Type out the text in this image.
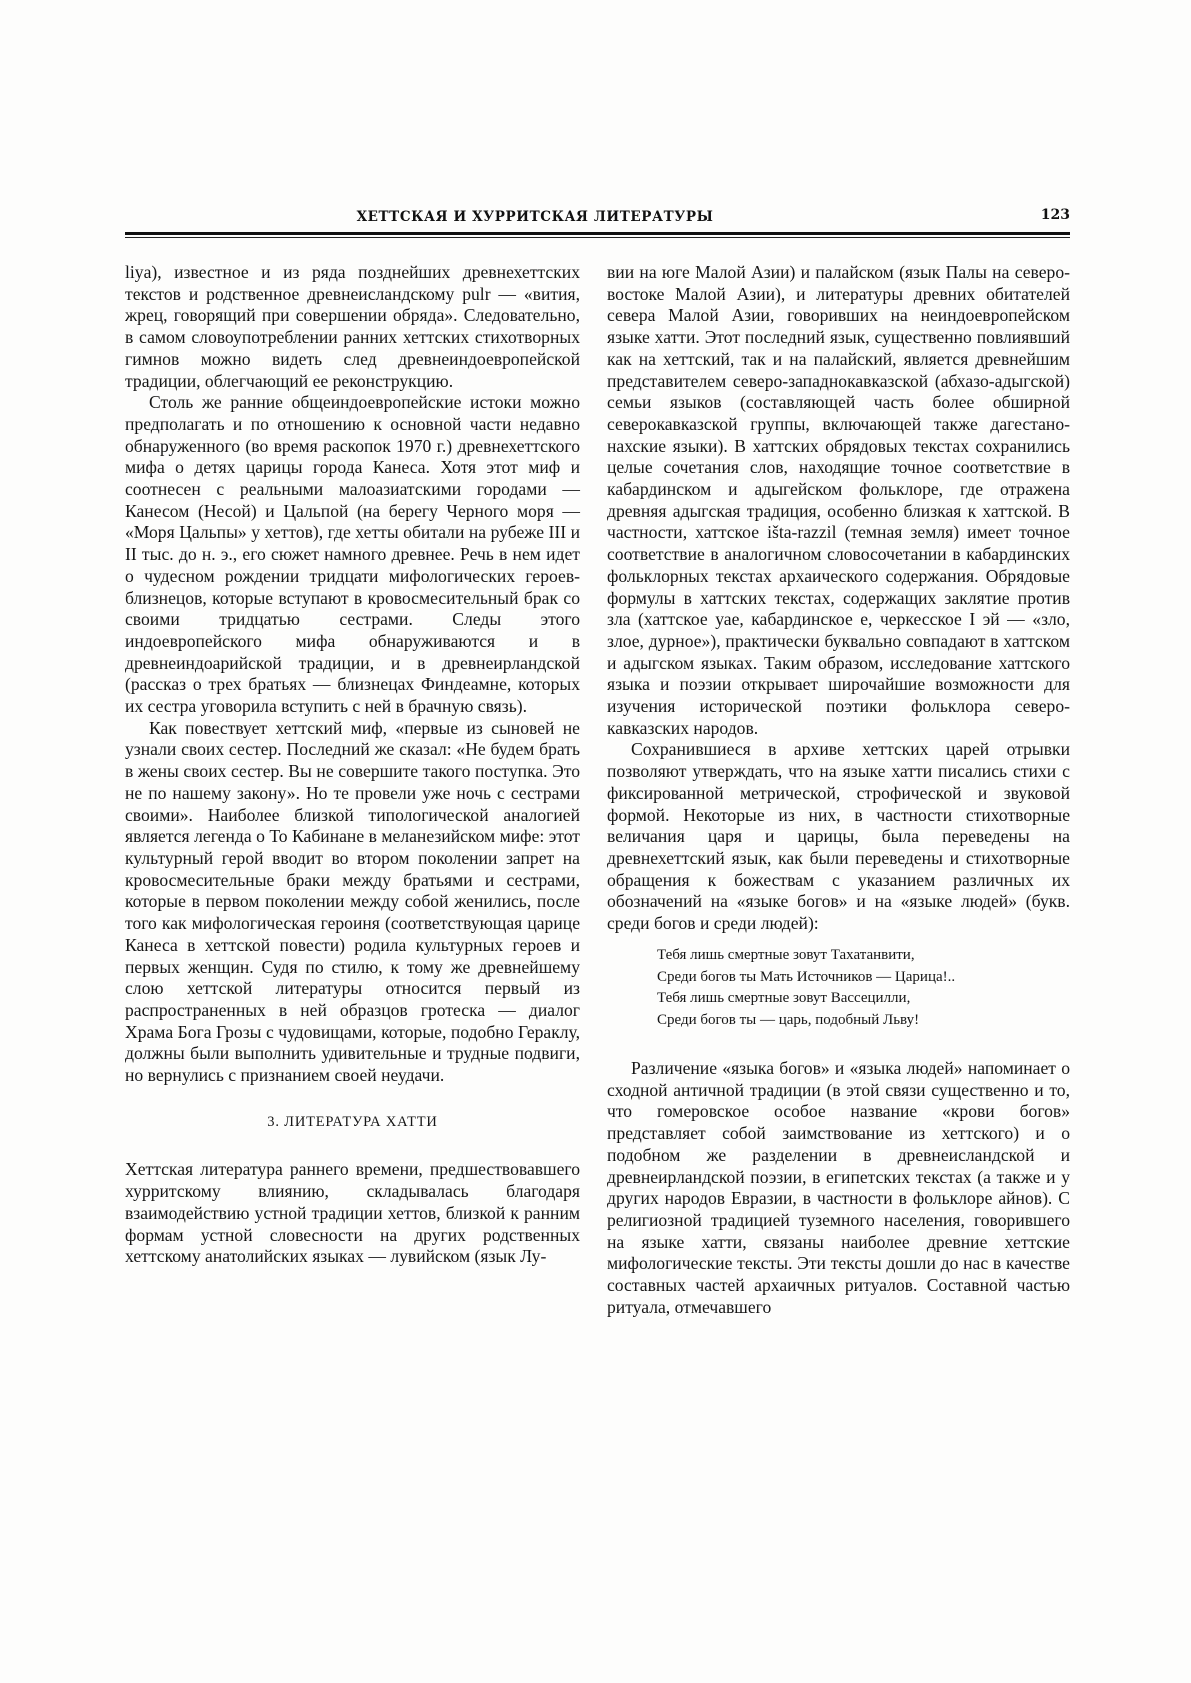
ХЕТТСКАЯ И ХУРРИТСКАЯ ЛИТЕРАТУРЫ	123

liya), известное и из ряда позднейших древнехеттских текстов и родственное древнеисландскому pulr — «вития, жрец, говорящий при совершении обряда». Следовательно, в самом словоупотреблении ранних хеттских стихотворных гимнов можно видеть след древнеиндоевропейской традиции, облегчающий ее реконструкцию.

Столь же ранние общеиндоевропейские истоки можно предполагать и по отношению к основной части недавно обнаруженного (во время раскопок 1970 г.) древнехеттского мифа о детях царицы города Канеса. Хотя этот миф и соотнесен с реальными малоазиатскими городами — Канесом (Несой) и Цальпой (на берегу Черного моря — «Моря Цальпы» у хеттов), где хетты обитали на рубеже III и II тыс. до н. э., его сюжет намного древнее. Речь в нем идет о чудесном рождении тридцати мифологических героев-близнецов, которые вступают в кровосмесительный брак со своими тридцатью сестрами. Следы этого индоевропейского мифа обнаруживаются и в древнеиндоарийской традиции, и в древнеирландской (рассказ о трех братьях — близнецах Финдеамне, которых их сестра уговорила вступить с ней в брачную связь).

Как повествует хеттский миф, «первые из сыновей не узнали своих сестер. Последний же сказал: «Не будем брать в жены своих сестер. Вы не совершите такого поступка. Это не по нашему закону». Но те провели уже ночь с сестрами своими». Наиболее близкой типологической аналогией является легенда о То Кабинане в меланезийском мифе: этот культурный герой вводит во втором поколении запрет на кровосмесительные браки между братьями и сестрами, которые в первом поколении между собой женились, после того как мифологическая героиня (соответствующая царице Канеса в хеттской повести) родила культурных героев и первых женщин. Судя по стилю, к тому же древнейшему слою хеттской литературы относится первый из распространенных в ней образцов гротеска — диалог Храма Бога Грозы с чудовищами, которые, подобно Гераклу, должны были выполнить удивительные и трудные подвиги, но вернулись с признанием своей неудачи.

3. ЛИТЕРАТУРА ХАТТИ

Хеттская литература раннего времени, предшествовавшего хурритскому влиянию, складывалась благодаря взаимодействию устной традиции хеттов, близкой к ранним формам устной словесности на других родственных хеттскому анатолийских языках — лувийском (язык Лу-

вии на юге Малой Азии) и палайском (язык Палы на северо-востоке Малой Азии), и литературы древних обитателей севера Малой Азии, говоривших на неиндоевропейском языке хатти. Этот последний язык, существенно повлиявший как на хеттский, так и на палайский, является древнейшим представителем северо-западнокавказской (абхазо-адыгской) семьи языков (составляющей часть более обширной северокавказской группы, включающей также дагестано-нахские языки). В хаттских обрядовых текстах сохранились целые сочетания слов, находящие точное соответствие в кабардинском и адыгейском фольклоре, где отражена древняя адыгская традиция, особенно близкая к хаттской. В частности, хаттское išta-razzil (темная земля) имеет точное соответствие в аналогичном словосочетании в кабардинских фольклорных текстах архаического содержания. Обрядовые формулы в хаттских текстах, содержащих заклятие против зла (хаттское уае, кабардинское е, черкесское I эй — «зло, злое, дурное»), практически буквально совпадают в хаттском и адыгском языках. Таким образом, исследование хаттского языка и поэзии открывает широчайшие возможности для изучения исторической поэтики фольклора северо-кавказских народов.

Сохранившиеся в архиве хеттских царей отрывки позволяют утверждать, что на языке хатти писались стихи с фиксированной метрической, строфической и звуковой формой. Некоторые из них, в частности стихотворные величания царя и царицы, была переведены на древнехеттский язык, как были переведены и стихотворные обращения к божествам с указанием различных их обозначений на «языке богов» и на «языке людей» (букв. среди богов и среди людей):

Тебя лишь смертные зовут Тахатанвити,
Среди богов ты Мать Источников — Царица!..
Тебя лишь смертные зовут Вассецилли,
Среди богов ты — царь, подобный Льву!

Различение «языка богов» и «языка людей» напоминает о сходной античной традиции (в этой связи существенно и то, что гомеровское особое название «крови богов» представляет собой заимствование из хеттского) и о подобном же разделении в древнеисландской и древнеирландской поэзии, в египетских текстах (а также и у других народов Евразии, в частности в фольклоре айнов). С религиозной традицией туземного населения, говорившего на языке хатти, связаны наиболее древние хеттские мифологические тексты. Эти тексты дошли до нас в качестве составных частей архаичных ритуалов. Составной частью ритуала, отмечавшего
